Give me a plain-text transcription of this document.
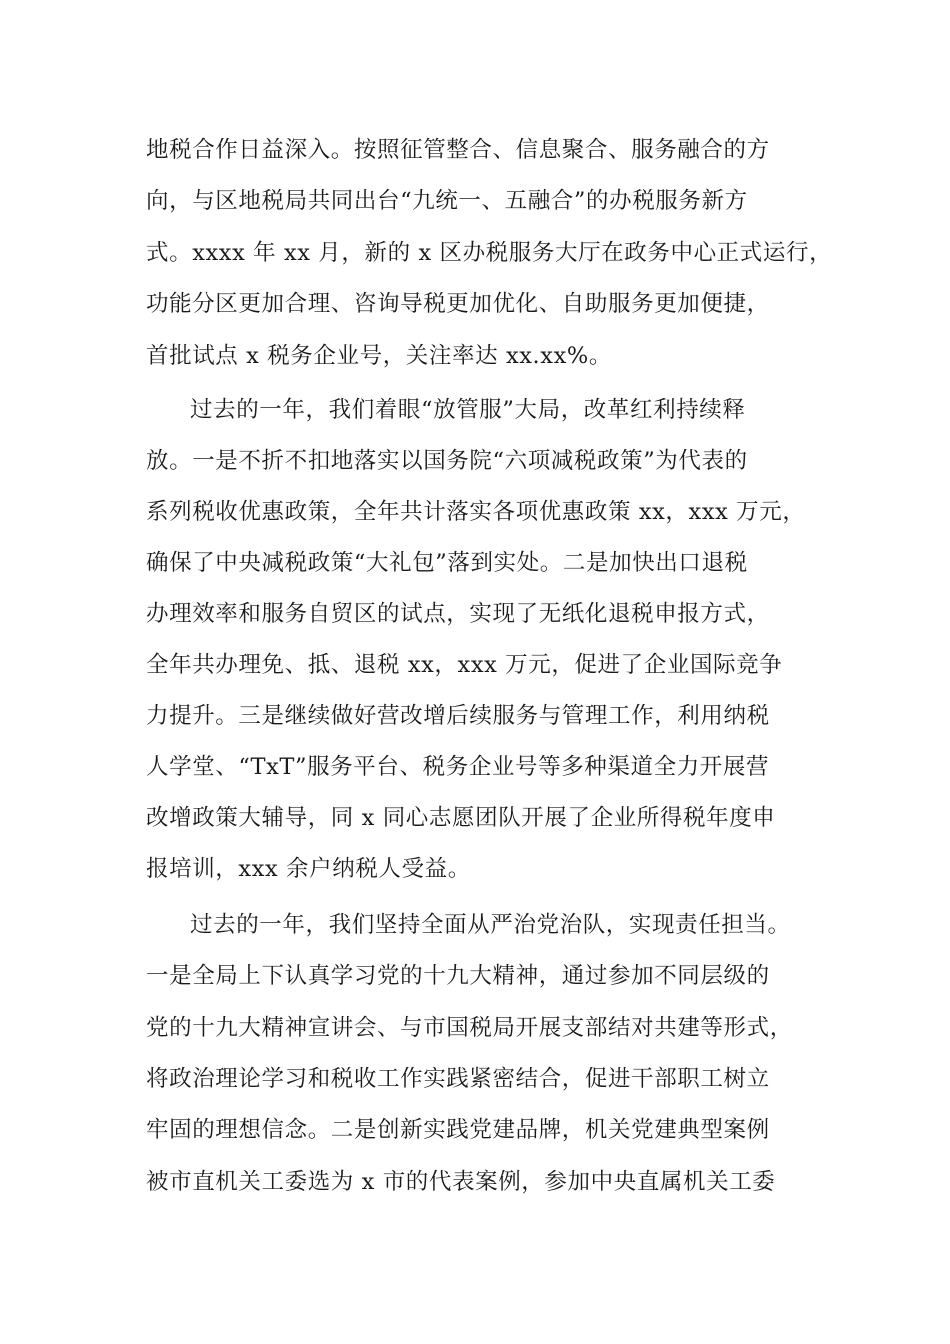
地税合作日益深入。按照征管整合、信息聚合、服务融合的方
向，与区地税局共同出台“九统一、五融合”的办税服务新方
式。xxxx 年 xx 月，新的 x 区办税服务大厅在政务中心正式运行，
功能分区更加合理、咨询导税更加优化、自助服务更加便捷，
首批试点 x 税务企业号，关注率达 xx.xx%。
过去的一年，我们着眼“放管服”大局，改革红利持续释
放。一是不折不扣地落实以国务院“六项减税政策”为代表的
系列税收优惠政策，全年共计落实各项优惠政策 xx，xxx 万元，
确保了中央减税政策“大礼包”落到实处。二是加快出口退税
办理效率和服务自贸区的试点，实现了无纸化退税申报方式，
全年共办理免、抵、退税 xx，xxx 万元，促进了企业国际竞争
力提升。三是继续做好营改增后续服务与管理工作，利用纳税
人学堂、“TxT”服务平台、税务企业号等多种渠道全力开展营
改增政策大辅导，同 x 同心志愿团队开展了企业所得税年度申
报培训，xxx 余户纳税人受益。
过去的一年，我们坚持全面从严治党治队，实现责任担当。
一是全局上下认真学习党的十九大精神，通过参加不同层级的
党的十九大精神宣讲会、与市国税局开展支部结对共建等形式，
将政治理论学习和税收工作实践紧密结合，促进干部职工树立
牢固的理想信念。二是创新实践党建品牌，机关党建典型案例
被市直机关工委选为 x 市的代表案例，参加中央直属机关工委
